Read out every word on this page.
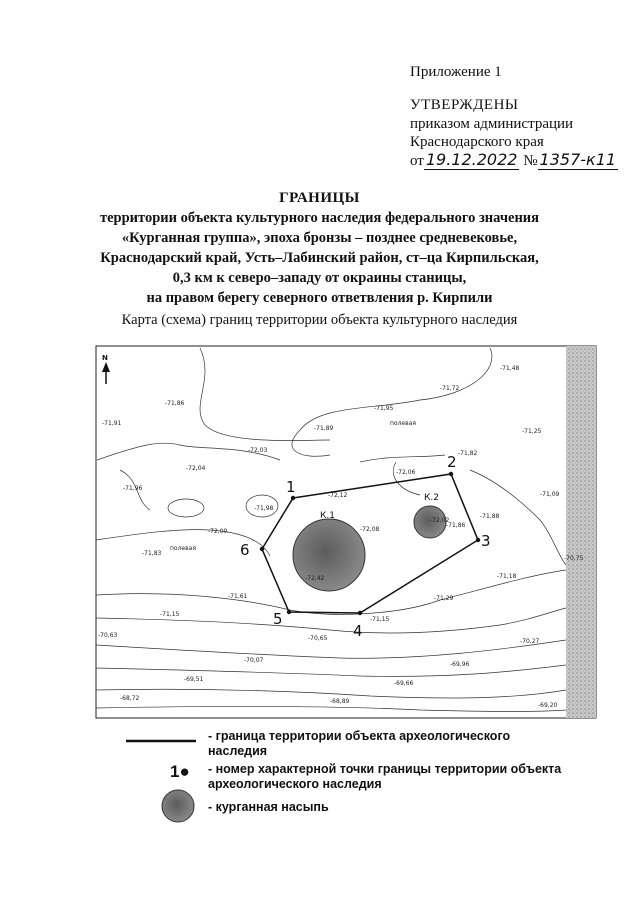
Приложение 1
УТВЕРЖДЕНЫ
приказом администрации
Краснодарского края
от 19.12.2022 № 1357-к11
ГРАНИЦЫ
территории объекта культурного наследия федерального значения
«Курганная группа», эпоха бронзы – позднее средневековье,
Краснодарский край, Усть–Лабинский район, ст–ца Кирпильская,
0,3 км к северо–западу от окраины станицы,
на правом берегу северного ответвления р. Кирпили
Карта (схема) границ территории объекта культурного наследия
1
2
3
4
5
6
К.1
К.2
N
полевая
полевая
-71,48
-71,72
-71,86
-71,95
-71,91
-71,89	-71,25
-71,82
-72,03
-72,04
-72,06
-71,96
-72,12	-71,09
-71,98
-71,88
-72,00	-72,08
-71,86
-71,83
-70,75
-71,18
-71,61	-71,29
-71,15
-71,15
-70,63	-70,65	-70,27
-70,07
-69,96
-69,51
-69,66
-68,72	-68,89
-69,20
-72,42
-72,02
- граница территории объекта археологического
наследия
1● - номер характерной точки границы территории объекта
археологического наследия
- курганная насыпь
